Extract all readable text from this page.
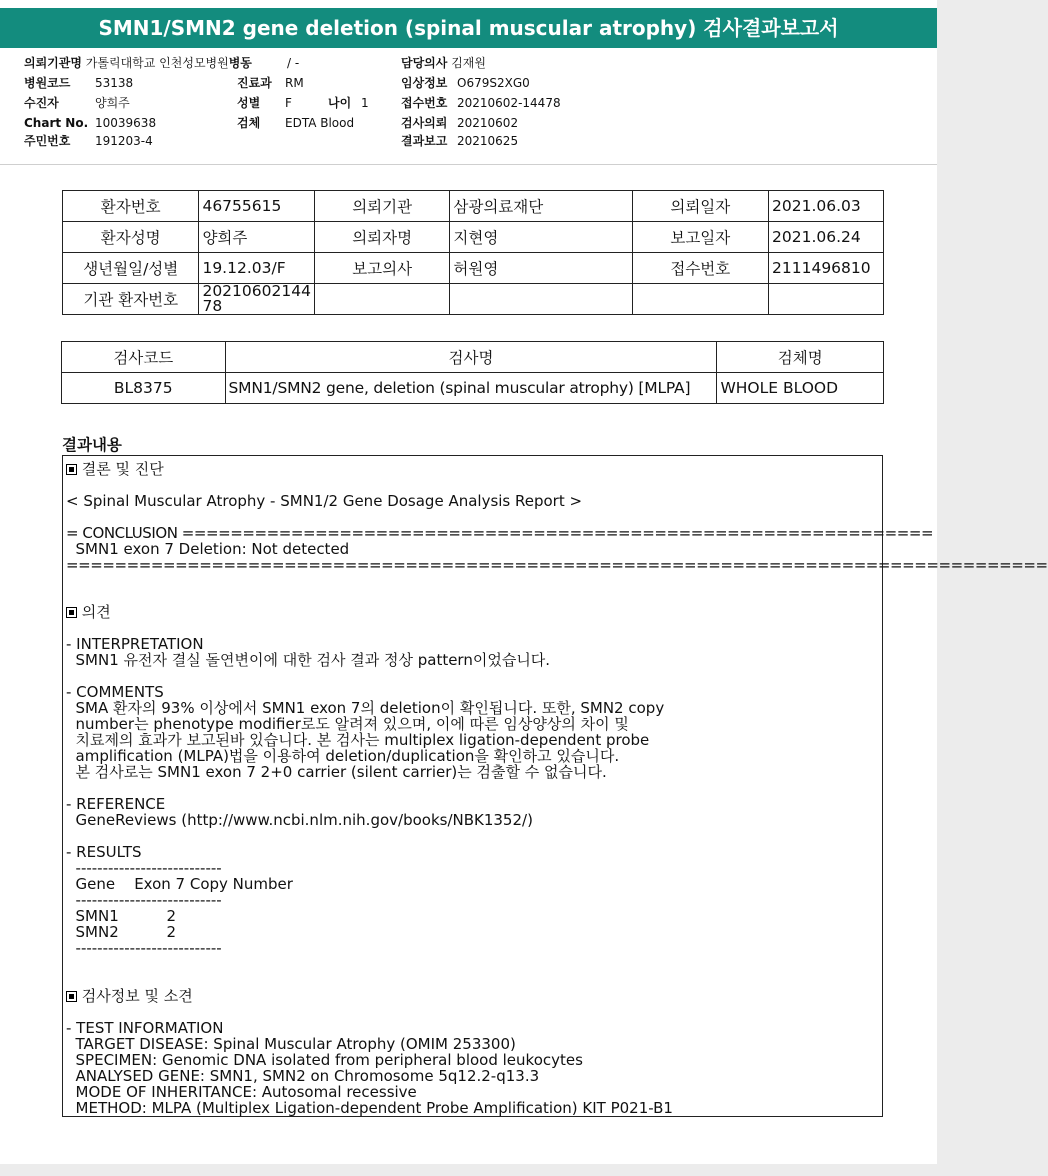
SMN1/SMN2 gene deletion (spinal muscular atrophy) 검사결과보고서
의뢰기관명 가톨릭대학교 인천성모병원병동	/ -	담당의사 김재원
병원코드 53138	진료과 RM	임상정보 O679S2XG0
수진자	양희주	성별 F	나이 1	접수번호 20210602-14478
Chart No. 10039638	검체 EDTA Blood	검사의뢰 20210602
주민번호 191203-4	결과보고 20210625
환자번호	46755615	의뢰기관	삼광의료재단	의뢰일자	2021.06.03
환자성명	양희주	의뢰자명	지현영	보고일자	2021.06.24
생년월일/성별	19.12.03/F	보고의사	허원영	접수번호	2111496810
기관 환자번호	20210602144
78				

검사코드	검사명	검체명
BL8375	SMN1/SMN2 gene, deletion (spinal muscular atrophy) [MLPA]	WHOLE BLOOD
결과내용
결론 및 진단
< Spinal Muscular Atrophy - SMN1/2 Gene Dosage Analysis Report >
= CONCLUSION ==============================================================
SMN1 exon 7 Deletion: Not detected
=================================================================================
의견
- INTERPRETATION
SMN1 유전자 결실 돌연변이에 대한 검사 결과 정상 pattern이었습니다.
- COMMENTS
SMA 환자의 93% 이상에서 SMN1 exon 7의 deletion이 확인됩니다. 또한, SMN2 copy
number는 phenotype modifier로도 알려져 있으며, 이에 따른 임상양상의 차이 및
치료제의 효과가 보고된바 있습니다. 본 검사는 multiplex ligation-dependent probe
amplification (MLPA)법을 이용하여 deletion/duplication을 확인하고 있습니다.
본 검사로는 SMN1 exon 7 2+0 carrier (silent carrier)는 검출할 수 없습니다.
- REFERENCE
GeneReviews (http://www.ncbi.nlm.nih.gov/books/NBK1352/)
- RESULTS
---------------------------
Gene    Exon 7 Copy Number
---------------------------
SMN1          2
SMN2          2
---------------------------
검사정보 및 소견
- TEST INFORMATION
TARGET DISEASE: Spinal Muscular Atrophy (OMIM 253300)
SPECIMEN: Genomic DNA isolated from peripheral blood leukocytes
ANALYSED GENE: SMN1, SMN2 on Chromosome 5q12.2-q13.3
MODE OF INHERITANCE: Autosomal recessive
METHOD: MLPA (Multiplex Ligation-dependent Probe Amplification) KIT P021-B1
